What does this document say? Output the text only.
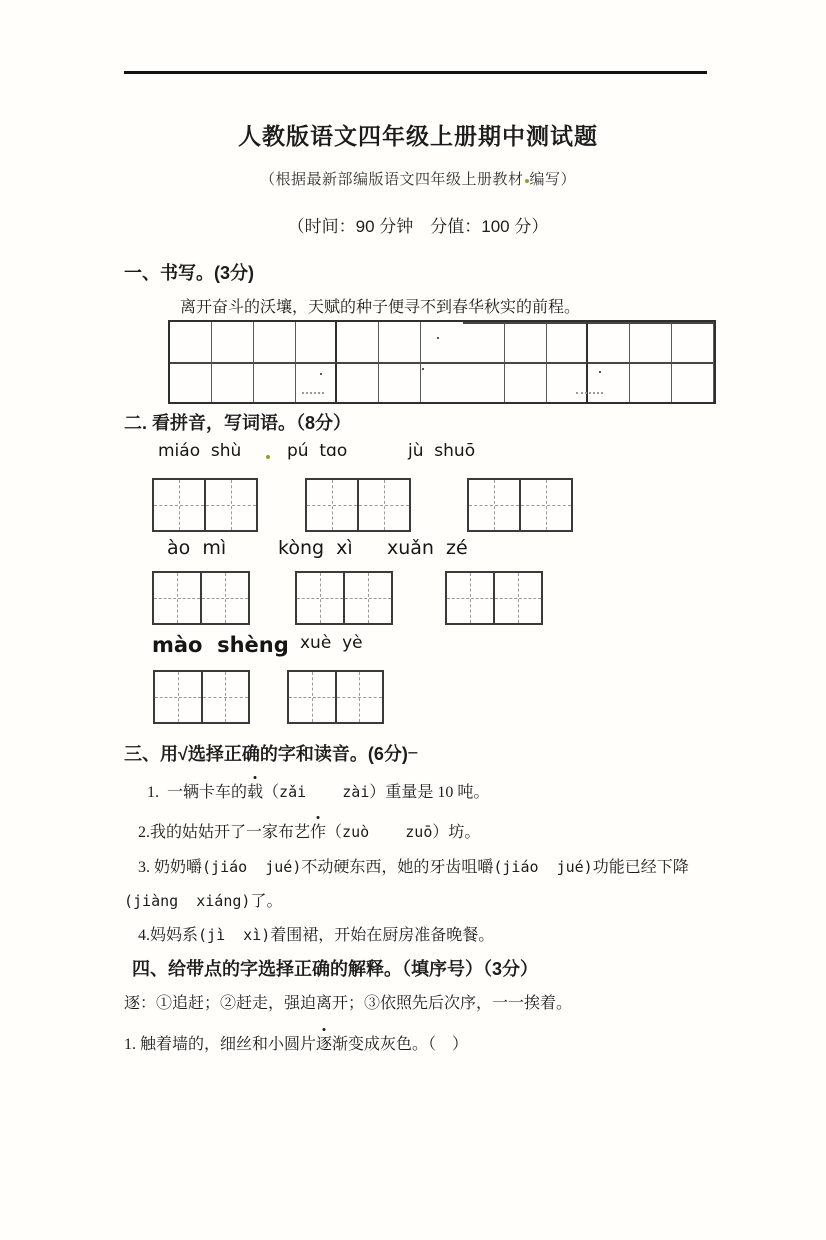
人教版语文四年级上册期中测试题
（根据最新部编版语文四年级上册教材 编写）
（时间：90 分钟　分值：100 分）
一、书写。(3分)
离开奋斗的沃壤，天赋的种子便寻不到春华秋实的前程。
二. 看拼音，写词语。（8分）
miáo  shù	pú  tɑo	jù  shuō
ào  mì	kòng  xì xuǎn  zé
mào  shèng xuè  yè
三、用√选择正确的字和读音。(6分)---

1.  一辆卡车的载（zǎi    zài）重量是 10 吨。

2.我的姑姑开了一家布艺作（zuò    zuō）坊。

3. 奶奶嚼(jiáo  jué)不动硬东西，她的牙齿咀嚼(jiáo  jué)功能已经下降

(jiàng  xiáng)了。

4.妈妈系(jì  xì)着围裙，开始在厨房准备晚餐。

四、给带点的字选择正确的解释。（填序号）（3分）

逐：①追赶；②赶走，强迫离开；③依照先后次序，一一挨着。

1. 触着墙的，细丝和小圆片逐渐变成灰色。（　）
